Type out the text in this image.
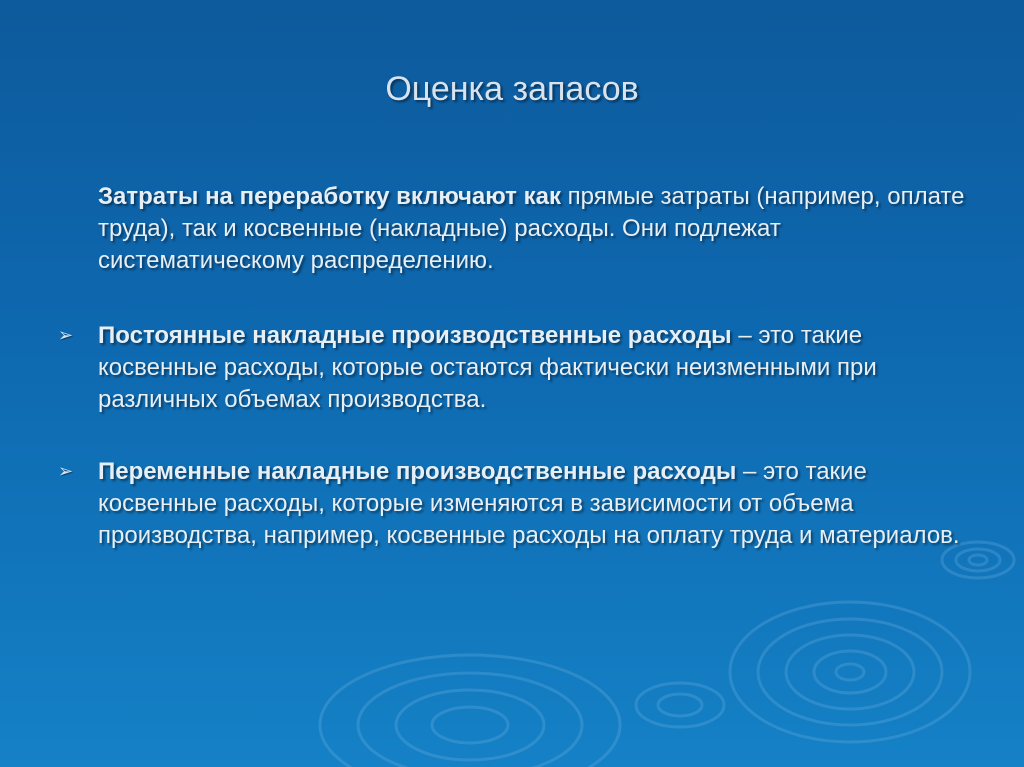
Оценка запасов
Затраты на переработку включают как прямые затраты (например, оплате труда), так и косвенные (накладные) расходы. Они подлежат систематическому распределению.
➢ Постоянные накладные производственные расходы – это такие косвенные расходы, которые остаются фактически неизменными при различных объемах производства.
➢ Переменные накладные производственные расходы – это такие косвенные расходы, которые изменяются в зависимости от объема производства, например, косвенные расходы на оплату труда и материалов.
